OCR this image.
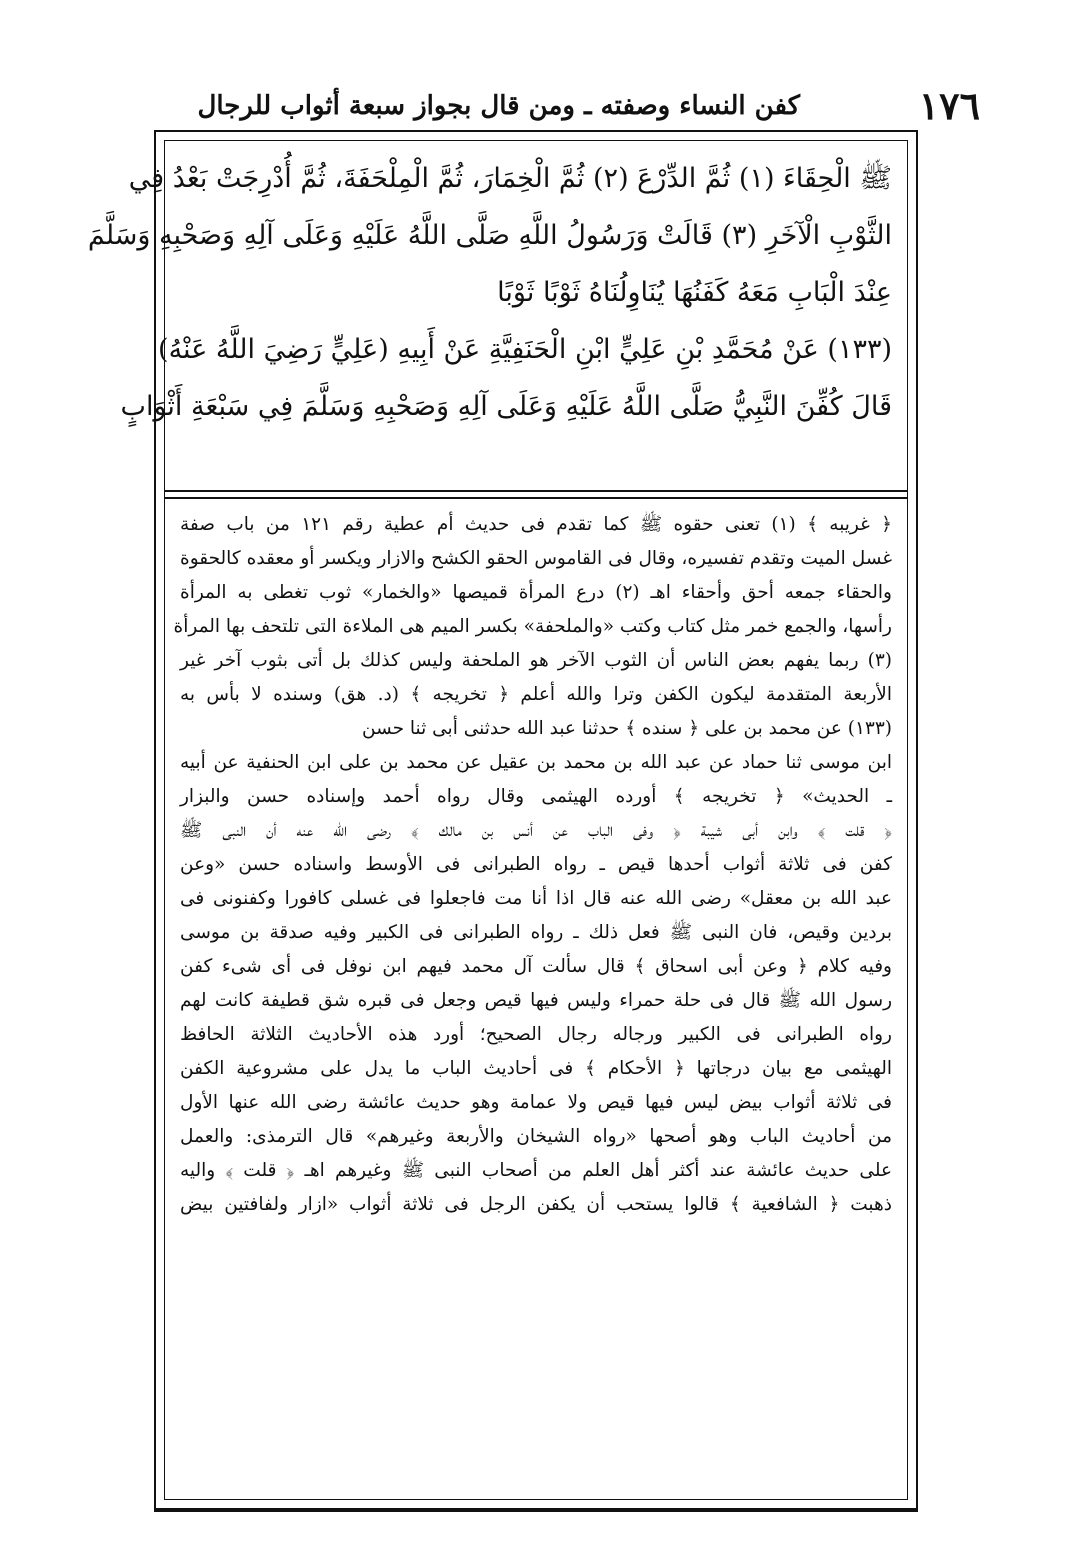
١٧٦
كفن النساء وصفته ـ ومن قال بجواز سبعة أثواب للرجال

ﷺ الْحِقَاءَ (١) ثُمَّ الدِّرْعَ (٢) ثُمَّ الْخِمَارَ، ثُمَّ الْمِلْحَفَةَ، ثُمَّ أُدْرِجَتْ بَعْدُ فِي

الثَّوْبِ الْآخَرِ (٣) قَالَتْ وَرَسُولُ اللَّهِ صَلَّى اللَّهُ عَلَيْهِ وَعَلَى آلِهِ وَصَحْبِهِ وَسَلَّمَ

عِنْدَ الْبَابِ مَعَهُ كَفَنُهَا يُنَاوِلُنَاهُ ثَوْبًا ثَوْبًا

(١٣٣) عَنْ مُحَمَّدِ بْنِ عَلِيٍّ ابْنِ الْحَنَفِيَّةِ عَنْ أَبِيهِ (عَلِيٍّ رَضِيَ اللَّهُ عَنْهُ)

قَالَ كُفِّنَ النَّبِيُّ صَلَّى اللَّهُ عَلَيْهِ وَعَلَى آلِهِ وَصَحْبِهِ وَسَلَّمَ فِي سَبْعَةِ أَثْوَابٍ

﴿ غريبه ﴾ (١) تعنى حقوه ﷺ كما تقدم فى حديث أم عطية رقم ١٢١ من باب صفة

غسل الميت وتقدم تفسيره، وقال فى القاموس الحقو الكشح والازار ويكسر أو معقده كالحقوة

والحقاء جمعه أحق وأحقاء اهـ (٢) درع المرأة قميصها «والخمار» ثوب تغطى به المرأة

رأسها، والجمع خمر مثل كتاب وكتب «والملحفة» بكسر الميم هى الملاءة التى تلتحف بها المرأة

(٣) ربما يفهم بعض الناس أن الثوب الآخر هو الملحفة وليس كذلك بل أتى بثوب آخر غير

الأربعة المتقدمة ليكون الكفن وترا والله أعلم ﴿ تخريجه ﴾ (د. هق) وسنده لا بأس به

(١٣٣) عن محمد بن على ﴿ سنده ﴾ حدثنا عبد الله حدثنى أبى ثنا حسن

ابن موسى ثنا حماد عن عبد الله بن محمد بن عقيل عن محمد بن على ابن الحنفية عن أبيه

ـ الحديث» ﴿ تخريجه ﴾ أورده الهيثمى وقال رواه أحمد وإسناده حسن والبزار

﴿ قلت ﴾ وابن أبى شيبة ﴿ وفى الباب عن أنس بن مالك ﴾ رضى الله عنه أن النبى ﷺ

كفن فى ثلاثة أثواب أحدها قيص ـ رواه الطبرانى فى الأوسط واسناده حسن «وعن

عبد الله بن معقل» رضى الله عنه قال اذا أنا مت فاجعلوا فى غسلى كافورا وكفنونى فى

بردين وقيص، فان النبى ﷺ فعل ذلك ـ رواه الطبرانى فى الكبير وفيه صدقة بن موسى

وفيه كلام ﴿ وعن أبى اسحاق ﴾ قال سألت آل محمد فيهم ابن نوفل فى أى شىء كفن

رسول الله ﷺ قال فى حلة حمراء وليس فيها قيص وجعل فى قبره شق قطيفة كانت لهم

رواه الطبرانى فى الكبير ورجاله رجال الصحيح؛ أورد هذه الأحاديث الثلاثة الحافظ

الهيثمى مع بيان درجاتها ﴿ الأحكام ﴾ فى أحاديث الباب ما يدل على مشروعية الكفن

فى ثلاثة أثواب بيض ليس فيها قيص ولا عمامة وهو حديث عائشة رضى الله عنها الأول

من أحاديث الباب وهو أصحها «رواه الشيخان والأربعة وغيرهم» قال الترمذى: والعمل

على حديث عائشة عند أكثر أهل العلم من أصحاب النبى ﷺ وغيرهم اهـ ﴿ قلت ﴾ واليه

ذهبت ﴿ الشافعية ﴾ قالوا يستحب أن يكفن الرجل فى ثلاثة أثواب «ازار ولفافتين بيض
